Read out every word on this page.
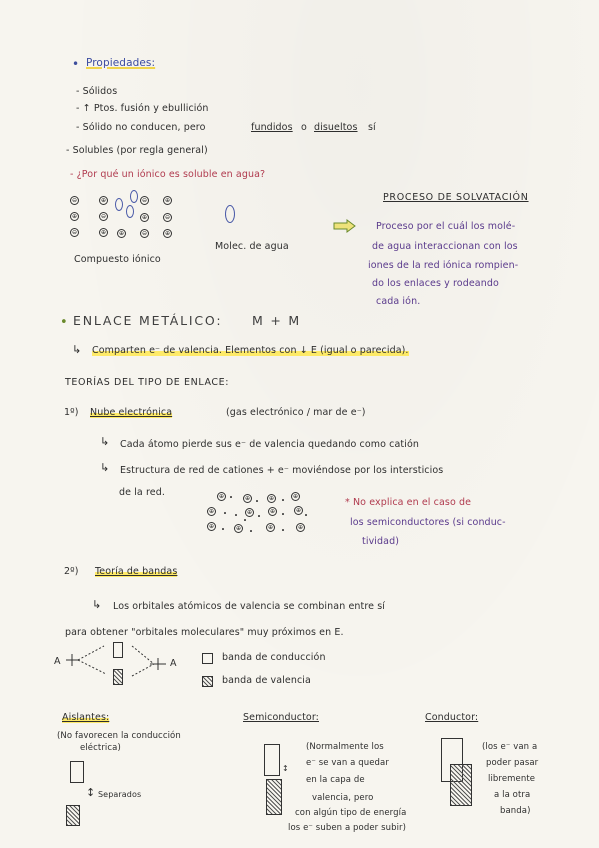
• Propiedades:
- Sólidos
- ↑ Ptos. fusión y ebullición
- Sólido no conducen, pero	fundidos o disueltos sí
- Solubles (por regla general)
- ¿Por qué un iónico es soluble en agua?
⊖	⊕
⊕	⊖
⊖	⊕
⊖	⊕
⊕	⊖
⊕	⊖	⊕
Compuesto iónico
Molec. de agua
PROCESO DE SOLVATACIÓN
Proceso por el cuál los molé-
de agua interaccionan con los
iones de la red iónica rompien-
do los enlaces y rodeando
cada ión.
• ENLACE METÁLICO: M + M
↳ Comparten e⁻ de valencia. Elementos con ↓ E (igual o parecida).
TEORÍAS DEL TIPO DE ENLACE:
1º) Nube electrónica	(gas electrónico / mar de e⁻)
↳ Cada átomo pierde sus e⁻ de valencia quedando como catión
↳ Estructura de red de cationes + e⁻ moviéndose por los intersticios
de la red.	⊕	⊕	⊕	⊕
⊕	⊕	⊕	⊕
⊕	⊕	⊕	⊕
* No explica en el caso de
los semiconductores (si conduc-
tividad)
2º) Teoría de bandas
↳ Los orbitales atómicos de valencia se combinan entre sí
para obtener "orbitales moleculares" muy próximos en E.
A	A
banda de conducción
banda de valencia
Aislantes:
(No favorecen la conducción
eléctrica)
↕ Separados
Semiconductor:
↕
(Normalmente los
e⁻ se van a quedar
en la capa de
valencia, pero
con algún tipo de energía
los e⁻ suben a poder subir)
Conductor:
(los e⁻ van a
poder pasar
libremente
a la otra
banda)
